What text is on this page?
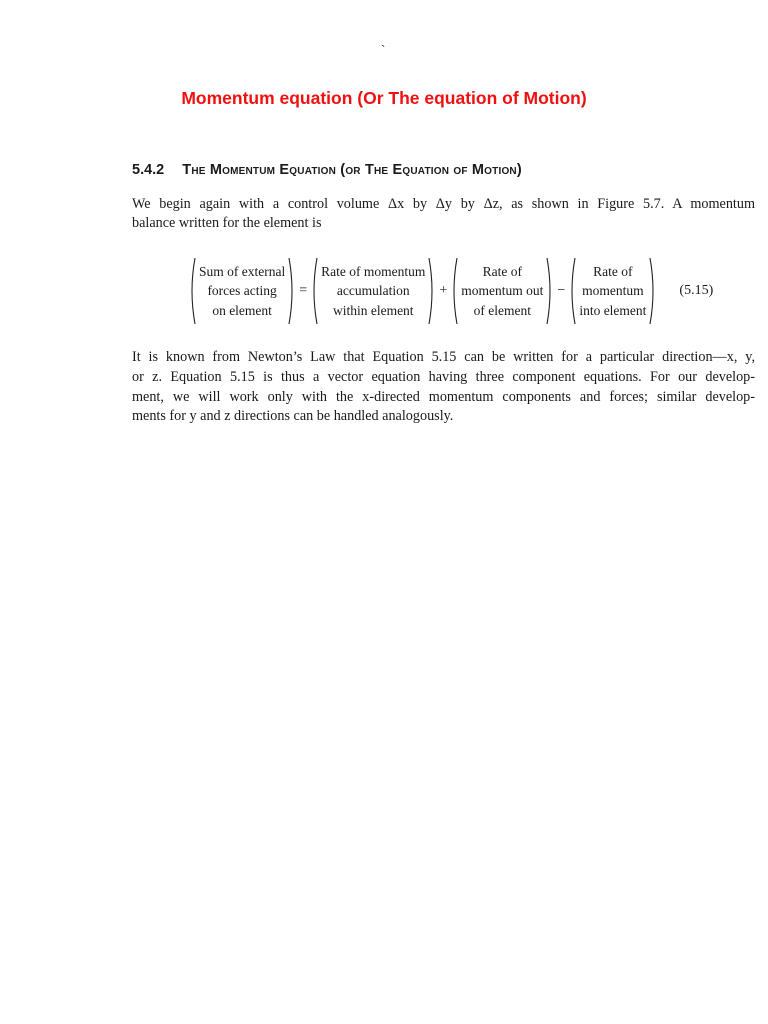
`
Momentum equation (Or The equation of Motion)
5.4.2 The Momentum Equation (or The Equation of Motion)
We begin again with a control volume Δx by Δy by Δz, as shown in Figure 5.7. A momentum
balance written for the element is
Sum of external
forces acting
on element
=
Rate of momentum
accumulation
within element
+
Rate of
momentum out
of element
−
Rate of
momentum
into element
(5.15)
It is known from Newton’s Law that Equation 5.15 can be written for a particular direction—x, y,
or z. Equation 5.15 is thus a vector equation having three component equations. For our develop-
ment, we will work only with the x-directed momentum components and forces; similar develop-
ments for y and z directions can be handled analogously.
